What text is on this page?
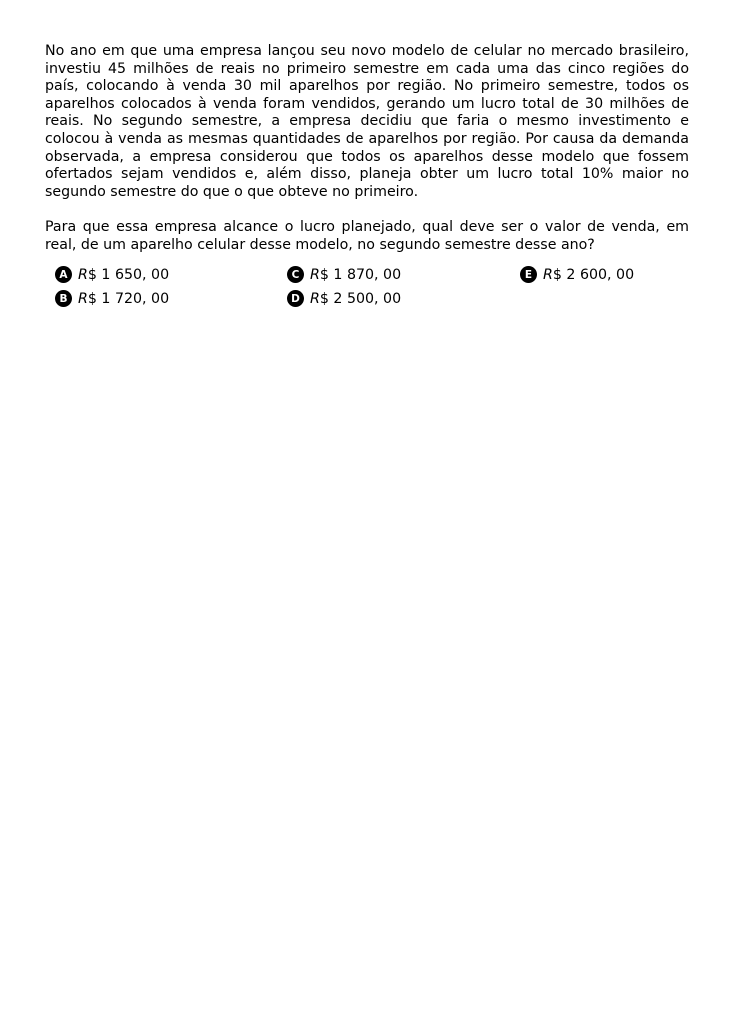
No ano em que uma empresa lançou seu novo modelo de celular no mercado brasileiro, investiu 45 milhões de reais no primeiro semestre em cada uma das cinco regiões do país, colocando à venda 30 mil aparelhos por região. No primeiro semestre, todos os aparelhos colocados à venda foram vendidos, gerando um lucro total de 30 milhões de reais. No segundo semestre, a empresa decidiu que faria o mesmo investimento e colocou à venda as mesmas quantidades de aparelhos por região. Por causa da demanda observada, a empresa considerou que todos os aparelhos desse modelo que fossem ofertados sejam vendidos e, além disso, planeja obter um lucro total 10% maior no segundo semestre do que o que obteve no primeiro.

Para que essa empresa alcance o lucro planejado, qual deve ser o valor de venda, em real, de um aparelho celular desse modelo, no segundo semestre desse ano?

A R $
1 650, 00
B R $
1 720, 00
C R $
1 870, 00
D R $
2 500, 00
E R $
2 600, 00
